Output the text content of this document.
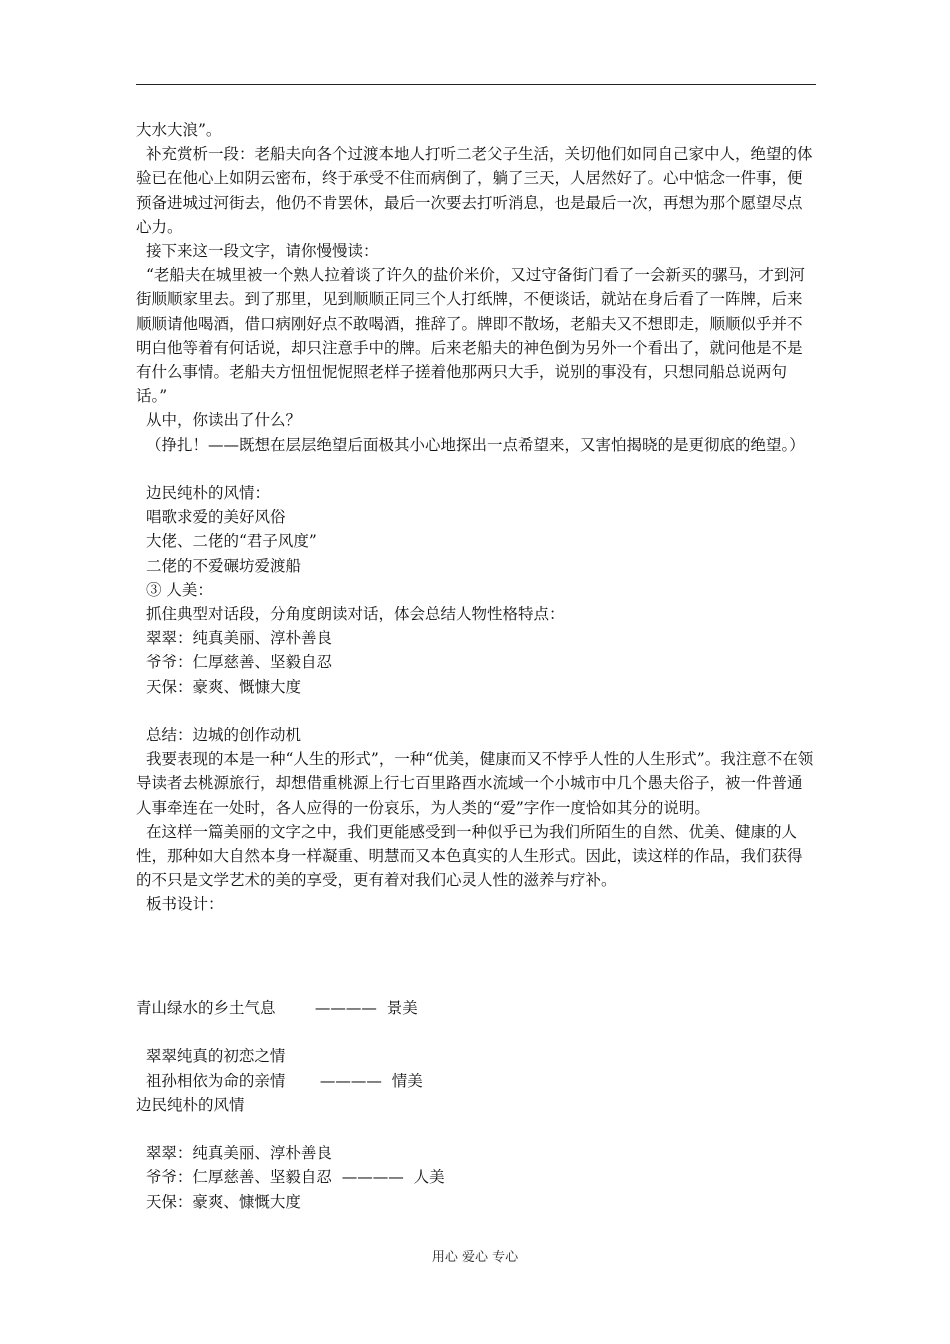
大水大浪”。

补充赏析一段：老船夫向各个过渡本地人打听二老父子生活，关切他们如同自己家中人，绝望的体验已在他心上如阴云密布，终于承受不住而病倒了，躺了三天，人居然好了。心中惦念一件事，便预备进城过河街去，他仍不肯罢休，最后一次要去打听消息，也是最后一次，再想为那个愿望尽点心力。

接下来这一段文字，请你慢慢读：

“老船夫在城里被一个熟人拉着谈了许久的盐价米价，又过守备街门看了一会新买的骡马，才到河街顺顺家里去。到了那里，见到顺顺正同三个人打纸牌，不便谈话，就站在身后看了一阵牌，后来顺顺请他喝酒，借口病刚好点不敢喝酒，推辞了。牌即不散场，老船夫又不想即走，顺顺似乎并不明白他等着有何话说，却只注意手中的牌。后来老船夫的神色倒为另外一个看出了，就问他是不是有什么事情。老船夫方忸忸怩怩照老样子搓着他那两只大手，说别的事没有，只想同船总说两句话。”

从中，你读出了什么？

（挣扎！——既想在层层绝望后面极其小心地探出一点希望来，又害怕揭晓的是更彻底的绝望。）

边民纯朴的风情：

唱歌求爱的美好风俗

大佬、二佬的“君子风度”

二佬的不爱碾坊爱渡船

③ 人美：

抓住典型对话段，分角度朗读对话，体会总结人物性格特点：

翠翠：纯真美丽、淳朴善良

爷爷：仁厚慈善、坚毅自忍

天保：豪爽、慨慷大度

总结：边城的创作动机

我要表现的本是一种“人生的形式”，一种“优美，健康而又不悖乎人性的人生形式”。我注意不在领导读者去桃源旅行，却想借重桃源上行七百里路酉水流域一个小城市中几个愚夫俗子，被一件普通人事牵连在一处时，各人应得的一份哀乐，为人类的“爱”字作一度恰如其分的说明。

在这样一篇美丽的文字之中，我们更能感受到一种似乎已为我们所陌生的自然、优美、健康的人性，那种如大自然本身一样凝重、明慧而又本色真实的人生形式。因此，读这样的作品，我们获得的不只是文学艺术的美的享受，更有着对我们心灵人性的滋养与疗补。

板书设计：

青山绿水的乡土气息        ————  景美

翠翠纯真的初恋之情

祖孙相依为命的亲情       ————  情美

边民纯朴的风情

翠翠：纯真美丽、淳朴善良

爷爷：仁厚慈善、坚毅自忍  ————  人美

天保：豪爽、慷慨大度

用心 爱心 专心
